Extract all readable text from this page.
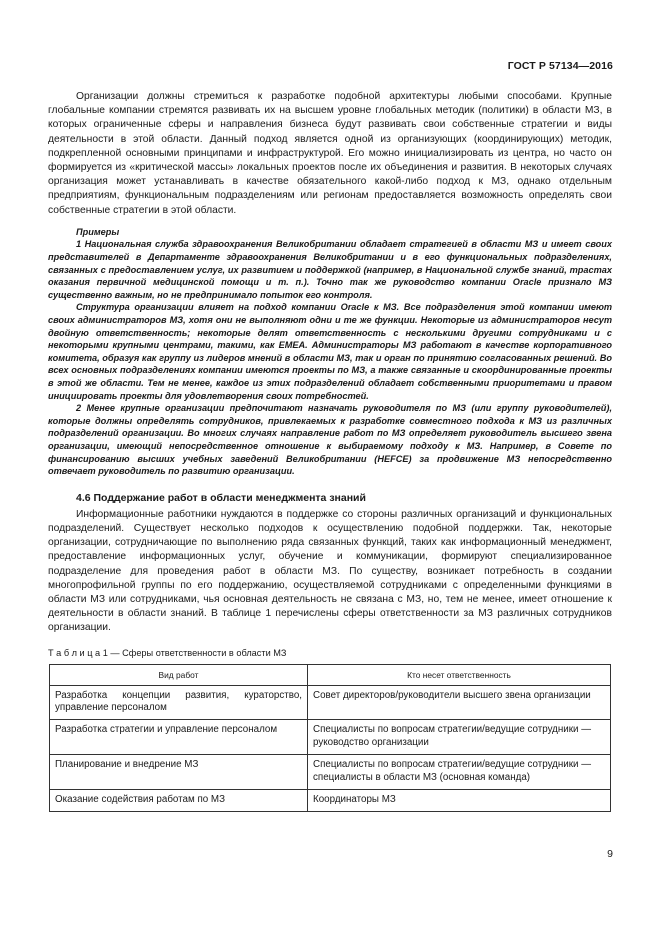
ГОСТ Р 57134—2016

Организации должны стремиться к разработке подобной архитектуры любыми способами. Крупные глобальные компании стремятся развивать их на высшем уровне глобальных методик (политики) в области МЗ, в которых ограниченные сферы и направления бизнеса будут развивать свои собственные стратегии и виды деятельности в этой области. Данный подход является одной из организующих (координирующих) методик, подкрепленной основными принципами и инфраструктурой. Его можно инициализировать из центра, но часто он формируется из «критической массы» локальных проектов после их объединения и развития. В некоторых случаях организация может устанавливать в качестве обязательного какой-либо подход к МЗ, однако отдельным предприятиям, функциональным подразделениям или регионам предоставляется возможность определять свои собственные стратегии в этой области.

Примеры

1 Национальная служба здравоохранения Великобритании обладает стратегией в области МЗ и имеет своих представителей в Департаменте здравоохранения Великобритании и в его функциональных подразделениях, связанных с предоставлением услуг, их развитием и поддержкой (например, в Национальной службе знаний, трастах оказания первичной медицинской помощи и т. п.). Точно так же руководство компании Oracle признало МЗ существенно важным, но не предпринимало попыток его контроля.

Структура организации влияет на подход компании Oracle к МЗ. Все подразделения этой компании имеют своих администраторов МЗ, хотя они не выполняют одни и те же функции. Некоторые из администраторов несут двойную ответственность; некоторые делят ответственность с несколькими другими сотрудниками и с некоторыми крупными центрами, такими, как EMEA. Администраторы МЗ работают в качестве корпоративного комитета, образуя как группу из лидеров мнений в области МЗ, так и орган по принятию согласованных решений. Во всех основных подразделениях компании имеются проекты по МЗ, а также связанные и скоординированные проекты в этой же области. Тем не менее, каждое из этих подразделений обладает собственными приоритетами и правом инициировать проекты для удовлетворения своих потребностей.

2 Менее крупные организации предпочитают назначать руководителя по МЗ (или группу руководителей), которые должны определять сотрудников, привлекаемых к разработке совместного подхода к МЗ из различных подразделений организации. Во многих случаях направление работ по МЗ определяет руководитель высшего звена организации, имеющий непосредственное отношение к выбираемому подходу к МЗ. Например, в Совете по финансированию высших учебных заведений Великобритании (HEFCE) за продвижение МЗ непосредственно отвечает руководитель по развитию организации.

4.6 Поддержание работ в области менеджмента знаний

Информационные работники нуждаются в поддержке со стороны различных организаций и функциональных подразделений. Существует несколько подходов к осуществлению подобной поддержки. Так, некоторые организации, сотрудничающие по выполнению ряда связанных функций, таких как информационный менеджмент, предоставление информационных услуг, обучение и коммуникации, формируют специализированное подразделение для проведения работ в области МЗ. По существу, возникает потребность в создании многопрофильной группы по его поддержанию, осуществляемой сотрудниками с определенными функциями в области МЗ или сотрудниками, чья основная деятельность не связана с МЗ, но, тем не менее, имеет отношение к деятельности в области знаний. В таблице 1 перечислены сферы ответственности за МЗ различных сотрудников организации.

Т а б л и ц а 1 — Сферы ответственности в области МЗ
Вид работ	Кто несет ответственность
Разработка концепции развития, кураторство, управление персоналом	Совет директоров/руководители высшего звена организации
Разработка стратегии и управление персоналом	Специалисты по вопросам стратегии/ведущие сотрудники — руководство организации
Планирование и внедрение МЗ	Специалисты по вопросам стратегии/ведущие сотрудники — специалисты в области МЗ (основная команда)
Оказание содействия работам по МЗ	Координаторы МЗ
9
